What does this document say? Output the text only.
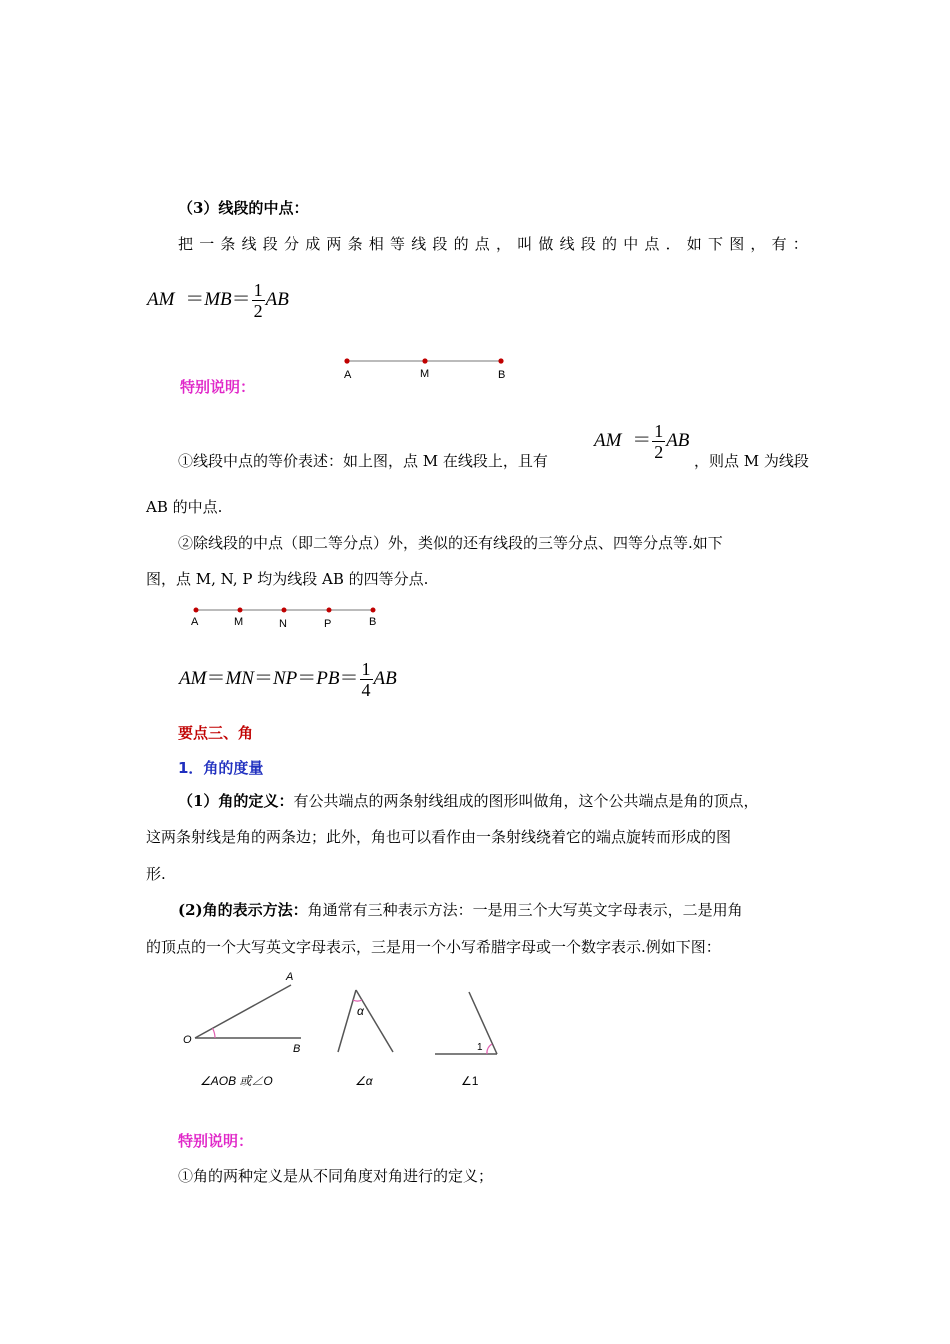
（3）线段的中点：
把一条线段分成两条相等线段的点，叫做线段的中点．如下图，有：
AM $=MB= \frac{1}{2}$ AB
A	M	B
特别说明：
①线段中点的等价表述：如上图，点 M 在线段上，且有
AM ＝ $\frac{1}{2}$ AB
，则点 M 为线段
AB 的中点.
②除线段的中点（即二等分点）外，类似的还有线段的三等分点、四等分点等.如下
图，点 M, N, P 均为线段 AB 的四等分点.
A	M	N	P	B
$AM=MN=NP=PB= \frac{1}{4}$ AB
要点三、角
1．角的度量
（1）角的定义：有公共端点的两条射线组成的图形叫做角，这个公共端点是角的顶点，
这两条射线是角的两条边；此外，角也可以看作由一条射线绕着它的端点旋转而形成的图
形.
(2)角的表示方法：角通常有三种表示方法：一是用三个大写英文字母表示，二是用角
的顶点的一个大写英文字母表示，三是用一个小写希腊字母或一个数字表示.例如下图：
A
O
B
∠AOB 或∠O
α
∠α
1
∠1
特别说明：
①角的两种定义是从不同角度对角进行的定义；
